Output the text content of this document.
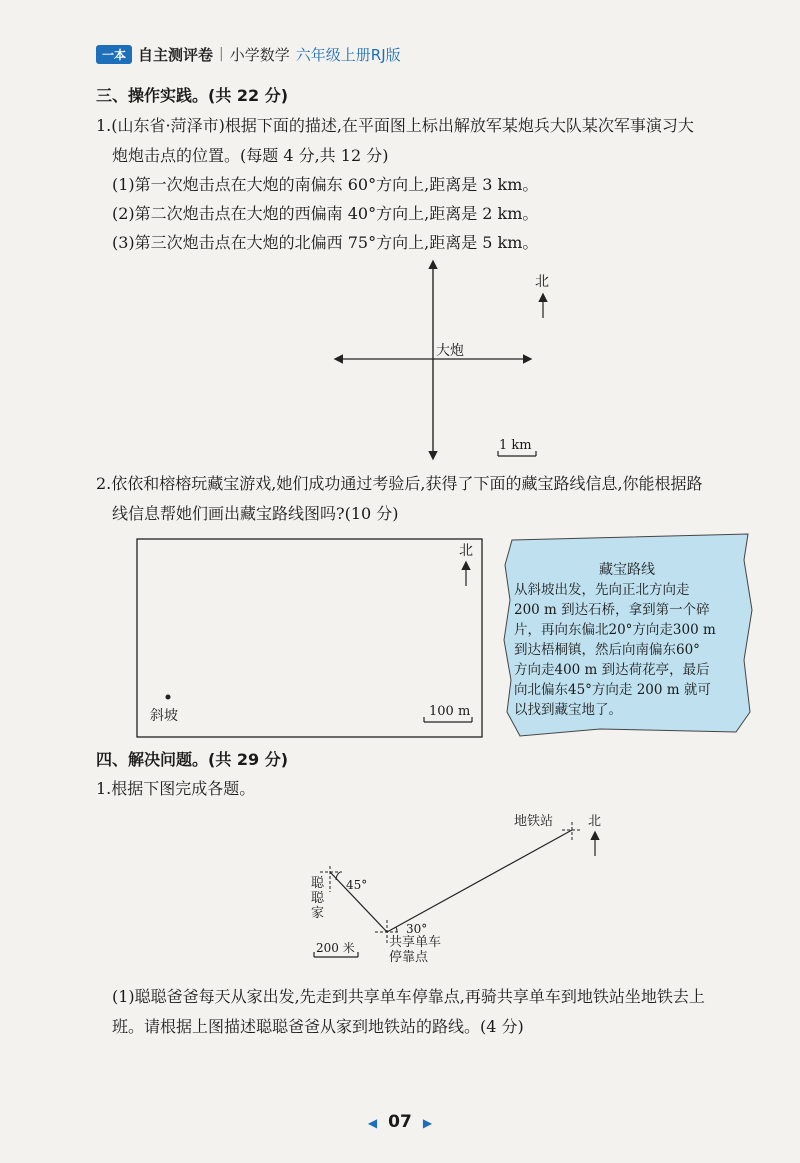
一本 自主测评卷 | 小学数学 六年级上册RJ版
三、操作实践。(共 22 分)
1.(山东省·菏泽市)根据下面的描述,在平面图上标出解放军某炮兵大队某次军事演习大
炮炮击点的位置。(每题 4 分,共 12 分)
(1)第一次炮击点在大炮的南偏东 60°方向上,距离是 3 km。
(2)第二次炮击点在大炮的西偏南 40°方向上,距离是 2 km。
(3)第三次炮击点在大炮的北偏西 75°方向上,距离是 5 km。
大炮
北
1 km
2.依依和榕榕玩藏宝游戏,她们成功通过考验后,获得了下面的藏宝路线信息,你能根据路
线信息帮她们画出藏宝路线图吗?(10 分)
北
斜坡	100 m
藏宝路线
从斜坡出发，先向正北方向走
200 m 到达石桥，拿到第一个碎
片，再向东偏北20°方向走300 m
到达梧桐镇，然后向南偏东60°
方向走400 m 到达荷花亭，最后
向北偏东45°方向走 200 m 就可
以找到藏宝地了。
四、解决问题。(共 29 分)
1.根据下图完成各题。
地铁站	北
聪
聪
家
45°
30°
共享单车
停靠点
200 米
(1)聪聪爸爸每天从家出发,先走到共享单车停靠点,再骑共享单车到地铁站坐地铁去上
班。请根据上图描述聪聪爸爸从家到地铁站的路线。(4 分)
◀ 07 ▶
